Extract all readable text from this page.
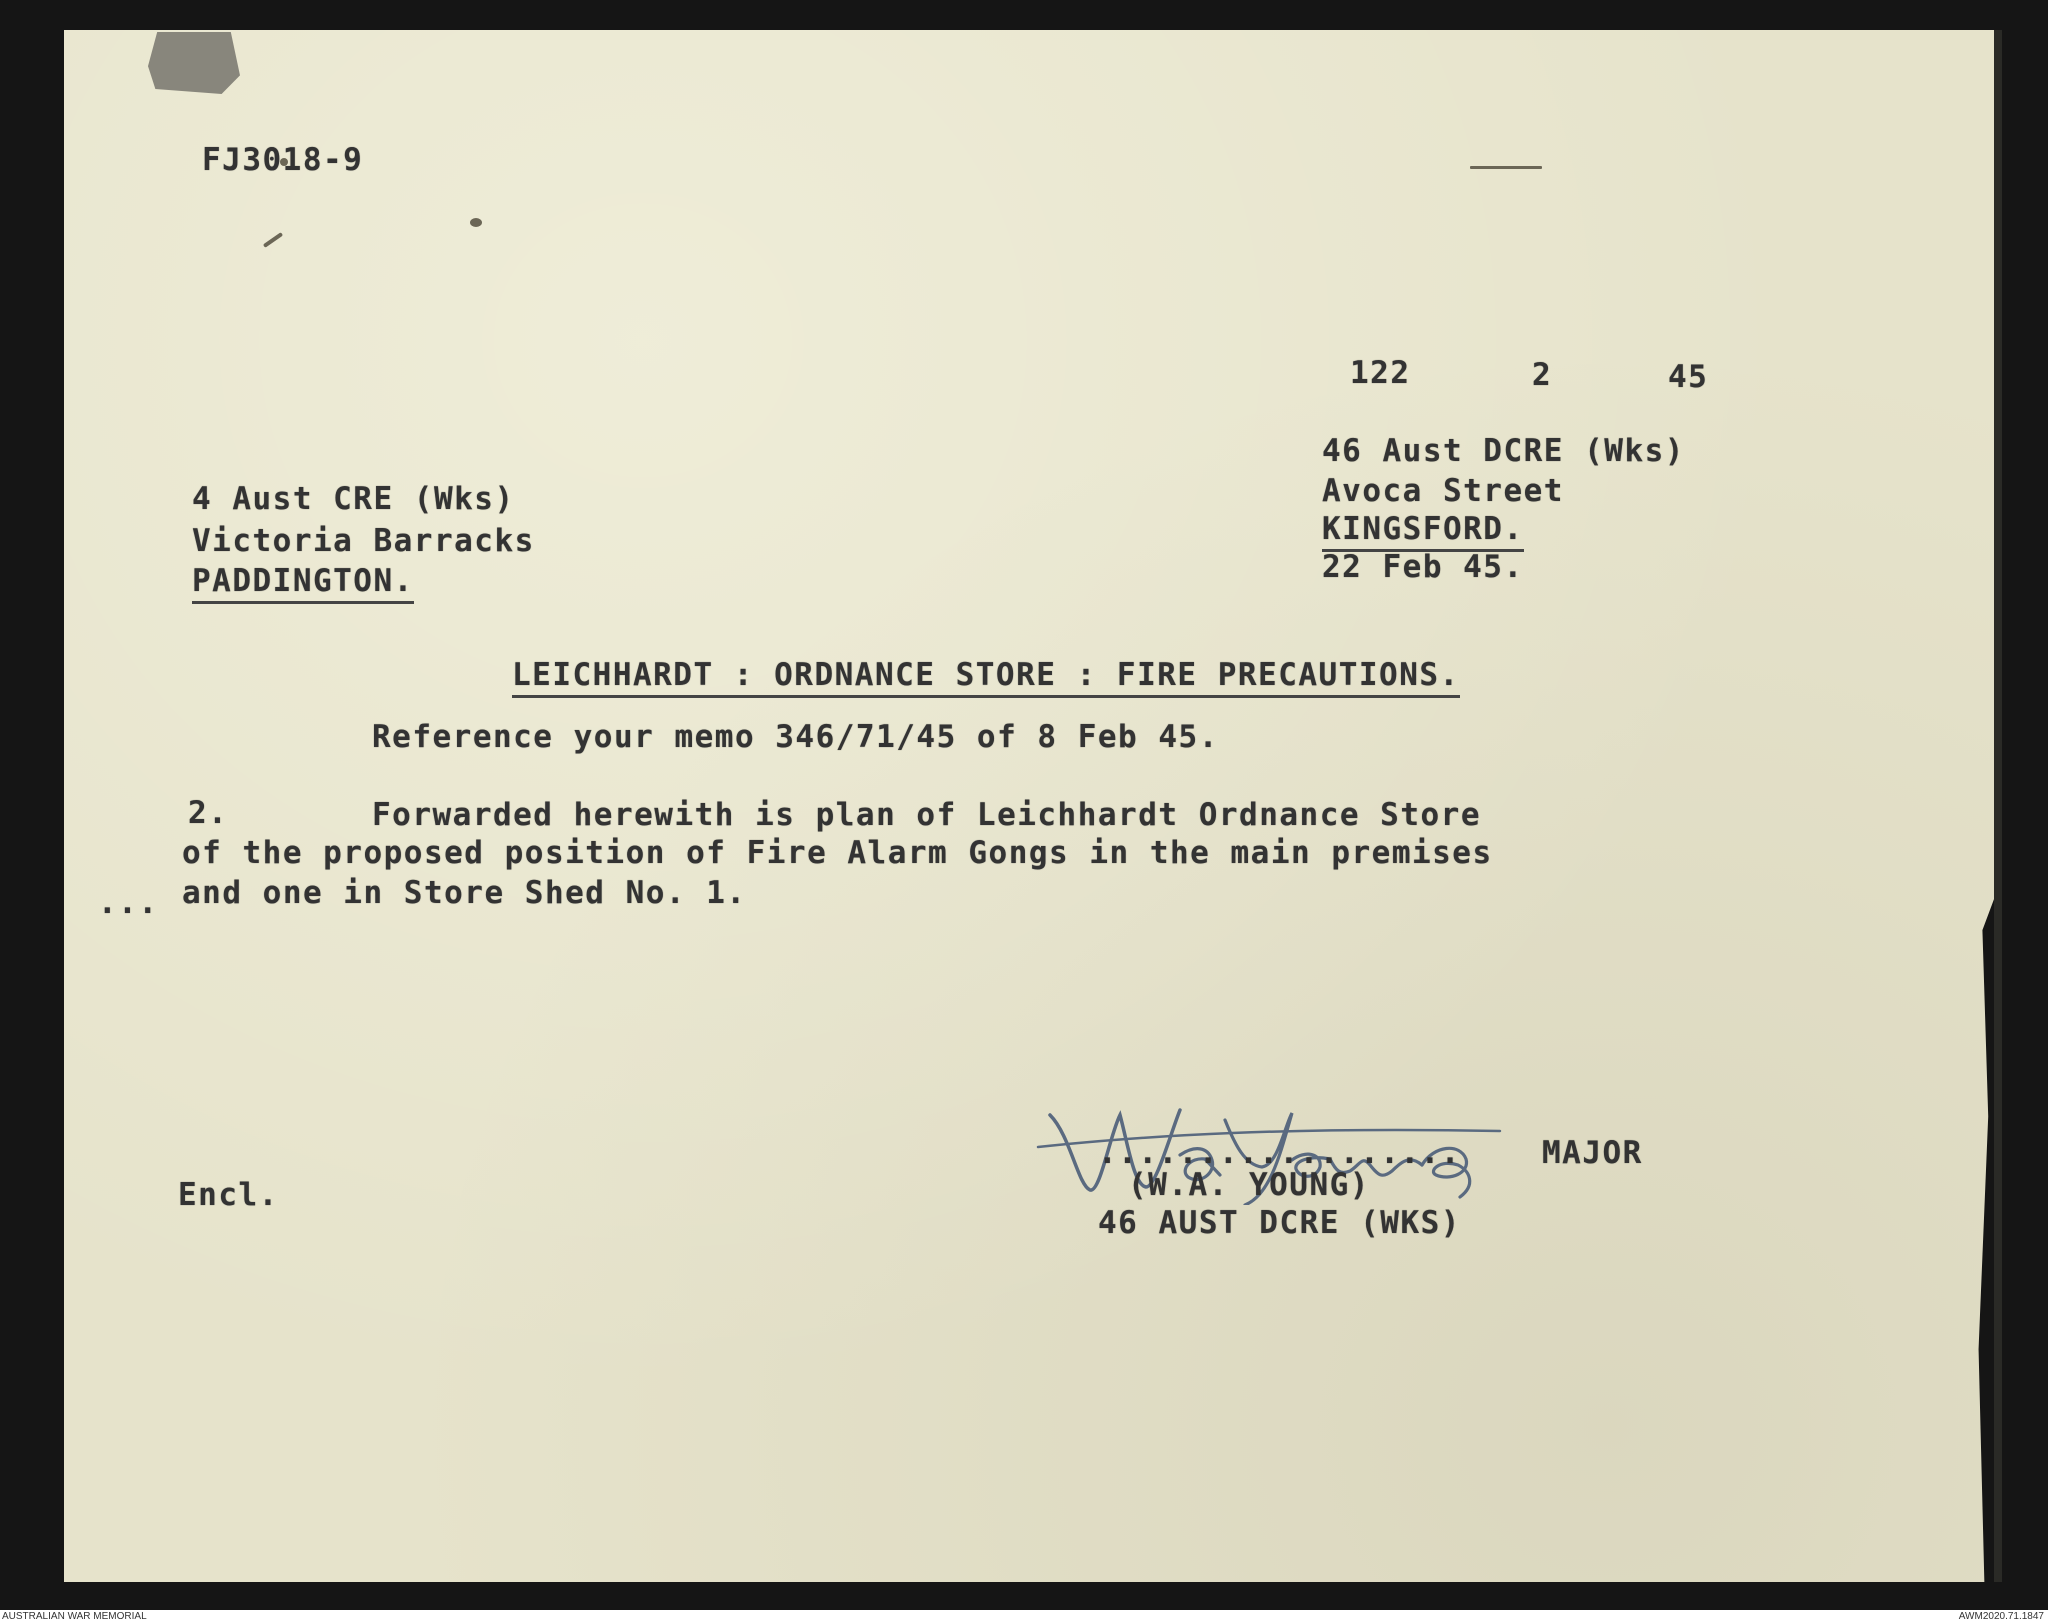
FJ3018-9
122	2	45
46 Aust DCRE (Wks)
Avoca Street
KINGSFORD.
22 Feb 45.
4 Aust CRE (Wks)
Victoria Barracks
PADDINGTON.
LEICHHARDT : ORDNANCE STORE : FIRE PRECAUTIONS.
Reference your memo 346/71/45 of 8 Feb 45.
2.	Forwarded herewith is plan of Leichhardt Ordnance Store
of the proposed position of Fire Alarm Gongs in the main premises
and one in Store Shed No. 1.
...
..................	MAJOR
(W.A. YOUNG)
46 AUST DCRE (WKS)
Encl.
AUSTRALIAN WAR MEMORIAL	AWM2020.71.1847
